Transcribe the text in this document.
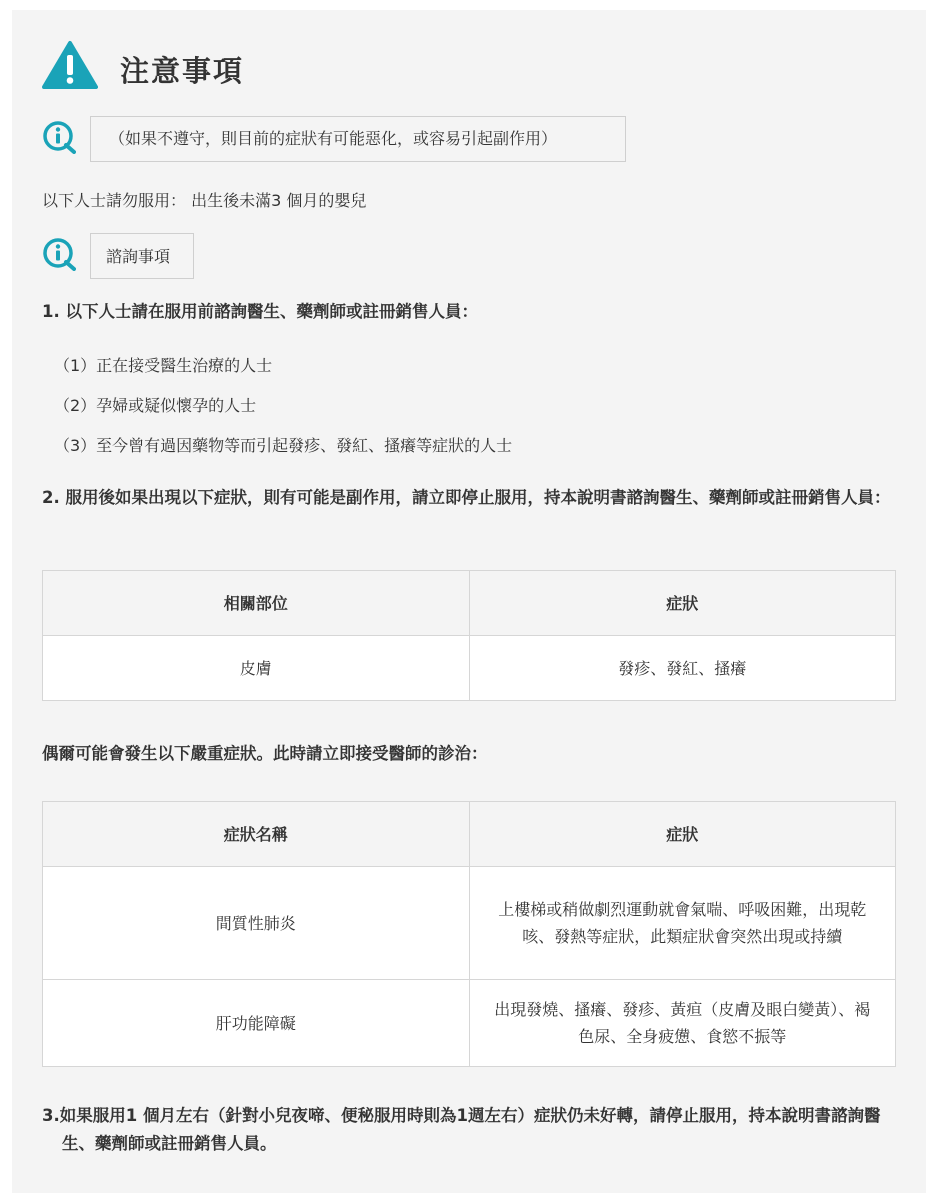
注意事項
（如果不遵守，則目前的症狀有可能惡化，或容易引起副作用）
以下人士請勿服用： 出生後未滿3 個月的嬰兒
諮詢事項
1. 以下人士請在服用前諮詢醫生、藥劑師或註冊銷售人員：
（1）正在接受醫生治療的人士
（2）孕婦或疑似懷孕的人士
（3）至今曾有過因藥物等而引起發疹、發紅、搔癢等症狀的人士
2. 服用後如果出現以下症狀，則有可能是副作用，請立即停止服用，持本說明書諮詢醫生、藥劑師或註冊銷售人員：
相關部位	症狀
皮膚	發疹、發紅、搔癢
偶爾可能會發生以下嚴重症狀。此時請立即接受醫師的診治：
症狀名稱	症狀
間質性肺炎	上樓梯或稍做劇烈運動就會氣喘、呼吸困難，出現乾咳、發熱等症狀，此類症狀會突然出現或持續
肝功能障礙	出現發燒、搔癢、發疹、黃疸（皮膚及眼白變黃）、褐色尿、全身疲憊、食慾不振等
3.如果服用1 個月左右（針對小兒夜啼、便秘服用時則為1週左右）症狀仍未好轉，請停止服用，持本說明書諮詢醫生、藥劑師或註冊銷售人員。
